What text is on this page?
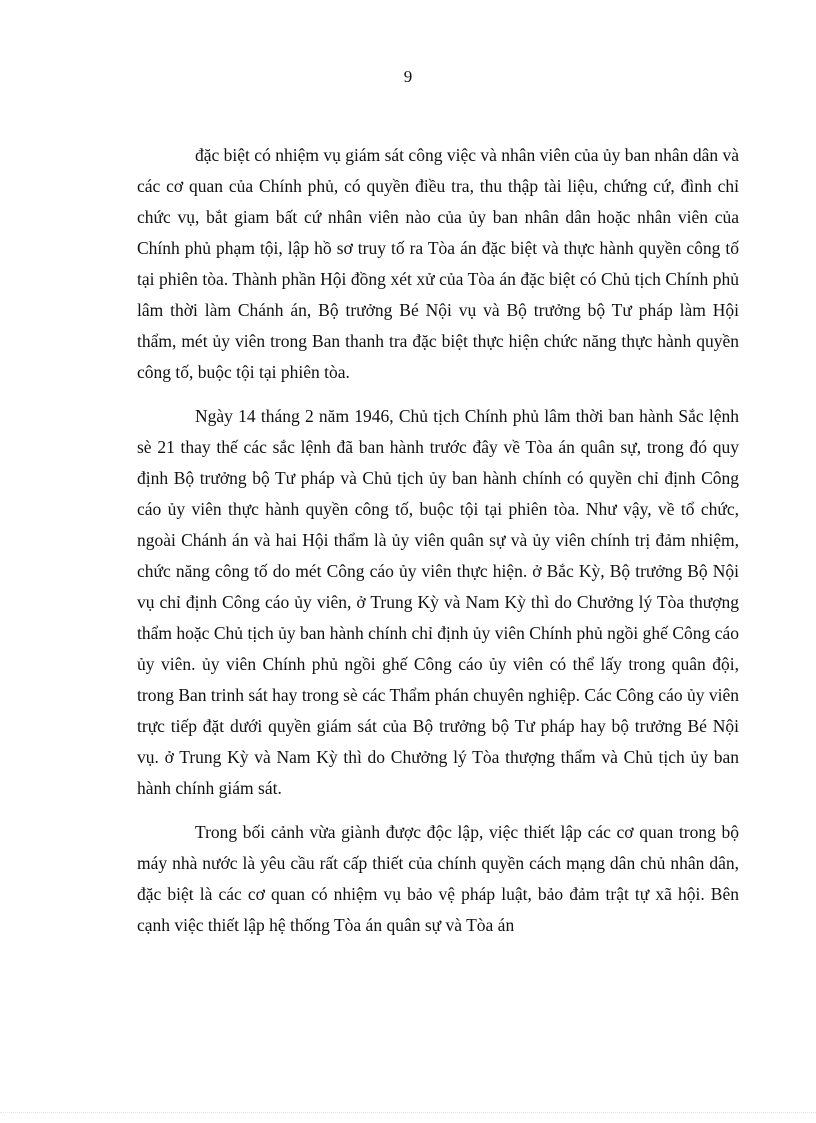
9

đặc biệt có nhiệm vụ giám sát công việc và nhân viên của ủy ban nhân dân và các cơ quan của Chính phủ, có quyền điều tra, thu thập tài liệu, chứng cứ, đình chỉ chức vụ, bắt giam bất cứ nhân viên nào của ủy ban nhân dân hoặc nhân viên của Chính phủ phạm tội, lập hồ sơ truy tố ra Tòa án đặc biệt và thực hành quyền công tố tại phiên tòa. Thành phần Hội đồng xét xử của Tòa án đặc biệt có Chủ tịch Chính phủ lâm thời làm Chánh án, Bộ trưởng Bé Nội vụ và Bộ trưởng bộ Tư pháp làm Hội thẩm, mét ủy viên trong Ban thanh tra đặc biệt thực hiện chức năng thực hành quyền công tố, buộc tội tại phiên tòa.

Ngày 14 tháng 2 năm 1946, Chủ tịch Chính phủ lâm thời ban hành Sắc lệnh sè 21 thay thế các sắc lệnh đã ban hành trước đây về Tòa án quân sự, trong đó quy định Bộ trưởng bộ Tư pháp và Chủ tịch ủy ban hành chính có quyền chỉ định Công cáo ủy viên thực hành quyền công tố, buộc tội tại phiên tòa. Như vậy, về tổ chức, ngoài Chánh án và hai Hội thẩm là ủy viên quân sự và ủy viên chính trị đảm nhiệm, chức năng công tố do mét Công cáo ủy viên thực hiện. ở Bắc Kỳ, Bộ trưởng Bộ Nội vụ chỉ định Công cáo ủy viên, ở Trung Kỳ và Nam Kỳ thì do Chưởng lý Tòa thượng thẩm hoặc Chủ tịch ủy ban hành chính chỉ định ủy viên Chính phủ ngồi ghế Công cáo ủy viên. ủy viên Chính phủ ngồi ghế Công cáo ủy viên có thể lấy trong quân đội, trong Ban trinh sát hay trong sè các Thẩm phán chuyên nghiệp. Các Công cáo ủy viên trực tiếp đặt dưới quyền giám sát của Bộ trưởng bộ Tư pháp hay bộ trưởng Bé Nội vụ. ở Trung Kỳ và Nam Kỳ thì do Chưởng lý Tòa thượng thẩm và Chủ tịch ủy ban hành chính giám sát.

Trong bối cảnh vừa giành được độc lập, việc thiết lập các cơ quan trong bộ máy nhà nước là yêu cầu rất cấp thiết của chính quyền cách mạng dân chủ nhân dân, đặc biệt là các cơ quan có nhiệm vụ bảo vệ pháp luật, bảo đảm trật tự xã hội. Bên cạnh việc thiết lập hệ thống Tòa án quân sự và Tòa án
